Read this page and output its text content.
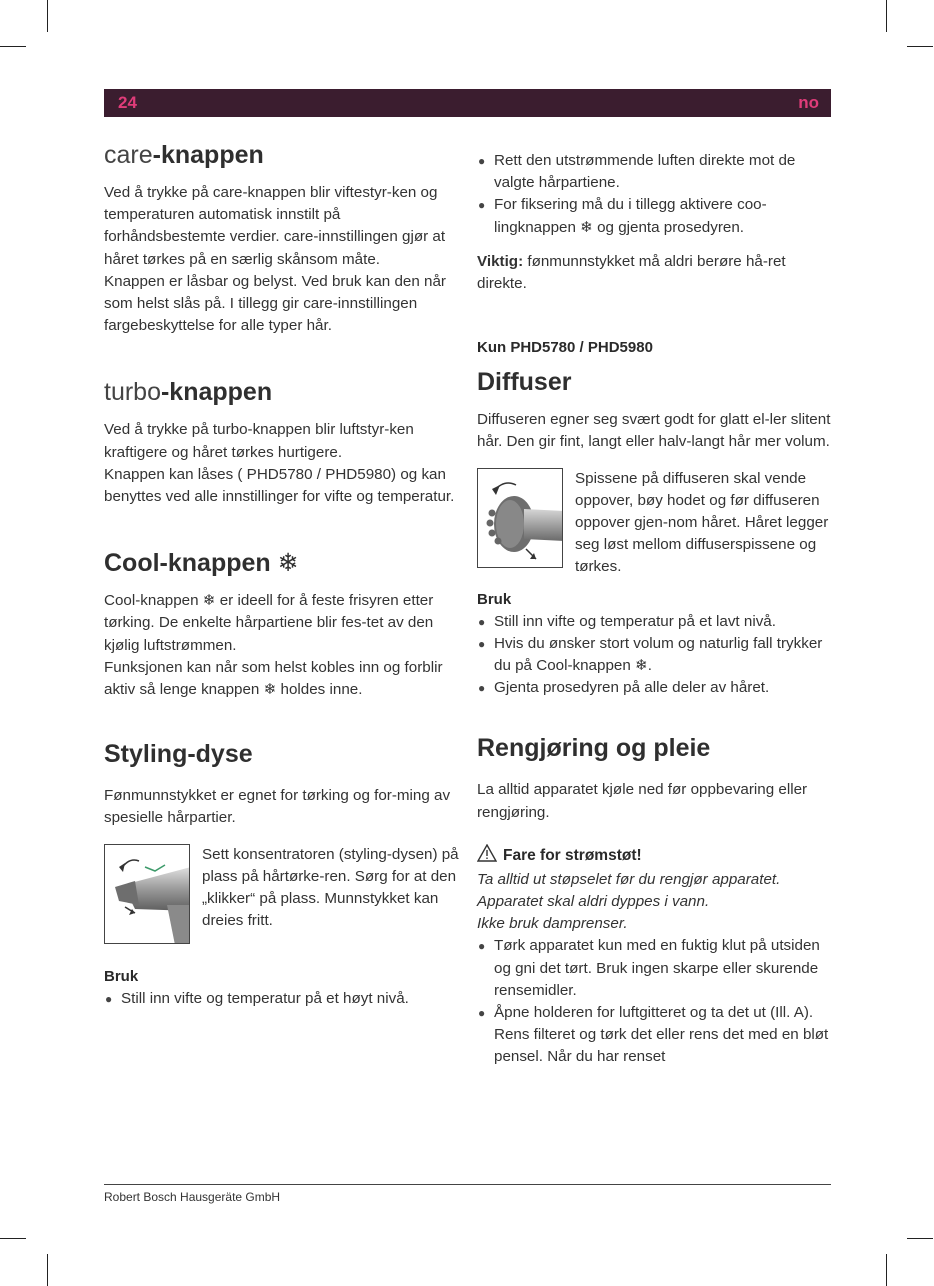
24	no
care-knappen

Ved å trykke på care-knappen blir viftestyr-ken og temperaturen automatisk innstilt på forhåndsbestemte verdier. care-innstillingen gjør at håret tørkes på en særlig skånsom måte.

Knappen er låsbar og belyst. Ved bruk kan den når som helst slås på. I tillegg gir care-innstillingen fargebeskyttelse for alle typer hår.

turbo-knappen

Ved å trykke på turbo-knappen blir luftstyr-ken kraftigere og håret tørkes hurtigere.

Knappen kan låses ( PHD5780 / PHD5980) og kan benyttes ved alle innstillinger for vifte og temperatur.

Cool-knappen ❄

Cool-knappen ❄ er ideell for å feste frisyren etter tørking. De enkelte hårpartiene blir fes-tet av den kjølig luftstrømmen.

Funksjonen kan når som helst kobles inn og forblir aktiv så lenge knappen ❄ holdes inne.

Styling-dyse

Fønmunnstykket er egnet for tørking og for-ming av spesielle hårpartier.

Sett konsentratoren (styling-dysen) på plass på hårtørke-ren. Sørg for at den „klikker“ på plass. Munnstykket kan dreies fritt.

Bruk
● Still inn vifte og temperatur på et høyt nivå.
● Rett den utstrømmende luften direkte mot de valgte hårpartiene.
● For fiksering må du i tillegg aktivere coo-lingknappen ❄ og gjenta prosedyren.

Viktig: fønmunnstykket må aldri berøre hå-ret direkte.

Kun PHD5780 / PHD5980
Diffuser

Diffuseren egner seg svært godt for glatt el-ler slitent hår. Den gir fint, langt eller halv-langt hår mer volum.

Spissene på diffuseren skal vende oppover, bøy hodet og før diffuseren oppover gjen-nom håret. Håret legger seg løst mellom diffuserspissene og tørkes.

Bruk
● Still inn vifte og temperatur på et lavt nivå.
● Hvis du ønsker stort volum og naturlig fall trykker du på Cool-knappen ❄.
● Gjenta prosedyren på alle deler av håret.
Rengjøring og pleie

La alltid apparatet kjøle ned før oppbevaring eller rengjøring.

Fare for strømstøt!

Ta alltid ut støpselet før du rengjør apparatet.

Apparatet skal aldri dyppes i vann.

Ikke bruk damprenser.

● Tørk apparatet kun med en fuktig klut på utsiden og gni det tørt. Bruk ingen skarpe eller skurende rensemidler.
● Åpne holderen for luftgitteret og ta det ut (Ill. A). Rens filteret og tørk det eller rens det med en bløt pensel. Når du har renset
Robert Bosch Hausgeräte GmbH
